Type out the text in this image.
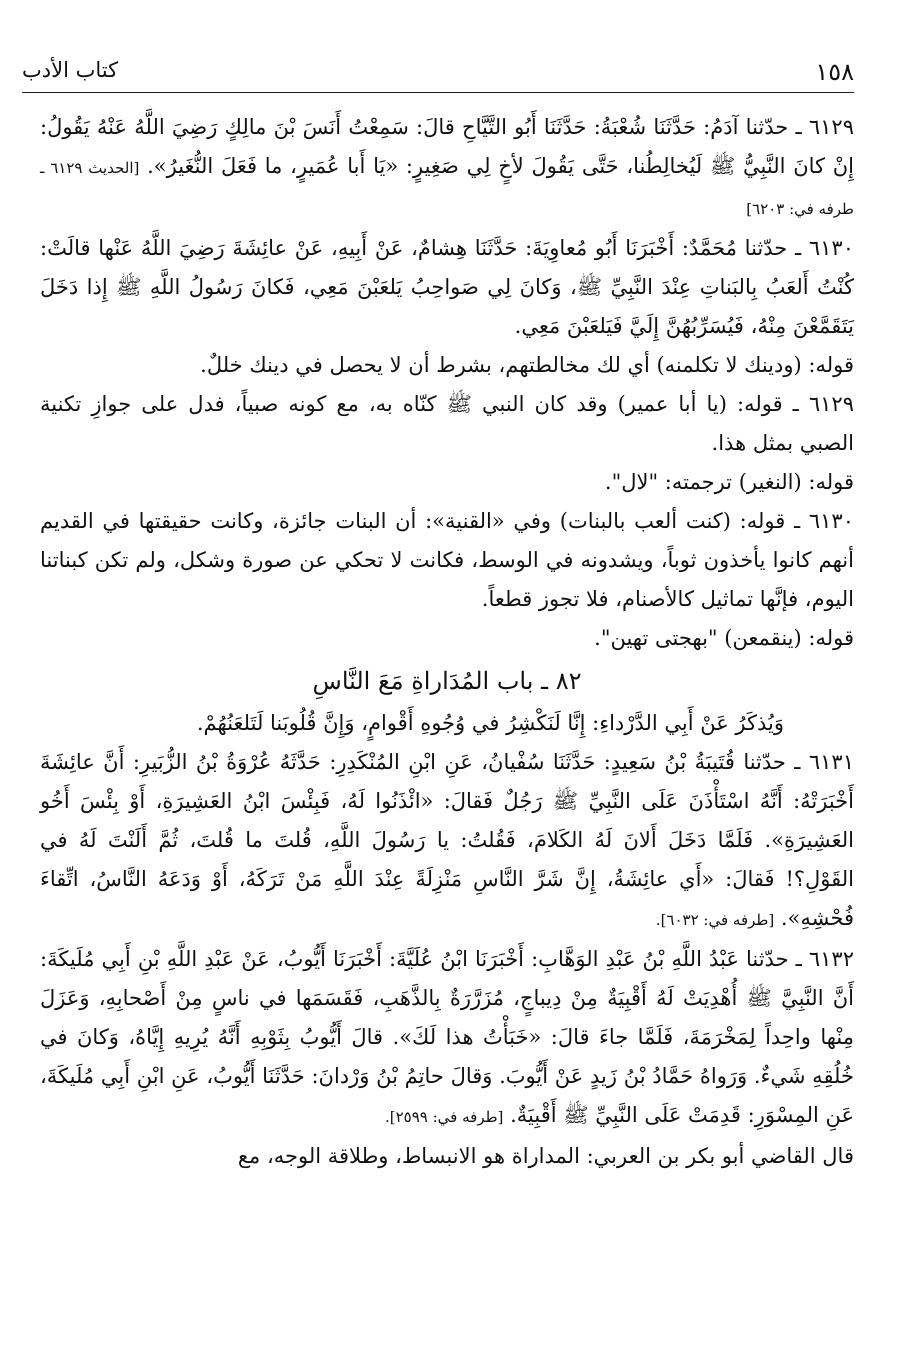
١٥٨
كتاب الأدب

٦١٢٩ ـ حدّثنا آدَمُ: حَدَّثَنَا شُعْبَةُ: حَدَّثَنَا أَبُو التَّيَّاحِ قالَ: سَمِعْتُ أَنَسَ بْنَ مالِكٍ رَضِيَ اللَّهُ عَنْهُ يَقُولُ: إِنْ كانَ النَّبِيُّ ﷺ لَيُخالِطُنا، حَتَّى يَقُولَ لأخٍ لِي صَغِيرٍ: «يَا أَبا عُمَيرٍ، ما فَعَلَ النُّغَيرُ». [الحديث ٦١٢٩ ـ طرفه في: ٦٢٠٣]

٦١٣٠ ـ حدّثنا مُحَمَّدٌ: أَخْبَرَنَا أَبُو مُعاوِيَةَ: حَدَّثَنَا هِشامٌ، عَنْ أَبِيهِ، عَنْ عائِشَةَ رَضِيَ اللَّهُ عَنْها قالَتْ: كُنْتُ أَلعَبُ بِالبَناتِ عِنْدَ النَّبِيِّ ﷺ، وَكانَ لِي صَواحِبُ يَلعَبْنَ مَعِي، فَكانَ رَسُولُ اللَّهِ ﷺ إِذا دَخَلَ يَتَقَمَّعْنَ مِنْهُ، فَيُسَرِّبُهُنَّ إِلَيَّ فَيَلعَبْنَ مَعِي.

قوله: (ودينك لا تكلمنه) أي لك مخالطتهم، بشرط أن لا يحصل في دينك خللٌ.

٦١٢٩ ـ قوله: (يا أبا عمير) وقد كان النبي ﷺ كنّاه به، مع كونه صبياً، فدل على جوازِ تكنية الصبي بمثل هذا.

قوله: (النغير) ترجمته: "لال".

٦١٣٠ ـ قوله: (كنت ألعب بالبنات) وفي «القنية»: أن البنات جائزة، وكانت حقيقتها في القديم أنهم كانوا يأخذون ثوباً، ويشدونه في الوسط، فكانت لا تحكي عن صورة وشكل، ولم تكن كبناتنا اليوم، فإنَّها تماثيل كالأصنام، فلا تجوز قطعاً.

قوله: (ينقمعن) "بهجتى تهين".

٨٢ ـ باب المُدَاراةِ مَعَ النَّاسِ

وَيُذكَرُ عَنْ أَبِي الدَّرْداءِ: إِنَّا لَنَكْشِرُ في وُجُوهِ أَقْوامٍ، وَإِنَّ قُلُوبَنا لَتَلعَنُهُمْ.

٦١٣١ ـ حدّثنا قُتَيبَةُ بْنُ سَعِيدٍ: حَدَّثَنَا سُفْيانُ، عَنِ ابْنِ المُنْكَدِرِ: حَدَّثَهُ عُرْوَةُ بْنُ الزُّبَيرِ: أَنَّ عائِشَةَ أَخْبَرَتْهُ: أَنَّهُ اسْتَأْذَنَ عَلَى النَّبِيِّ ﷺ رَجُلٌ فَقالَ: «ائْذَنُوا لَهُ، فَبِئْسَ ابْنُ العَشِيرَةِ، أَوْ بِئْسَ أَخُو العَشِيرَةِ». فَلَمَّا دَخَلَ أَلانَ لَهُ الكَلامَ، فَقُلتُ: يا رَسُولَ اللَّهِ، قُلتَ ما قُلتَ، ثُمَّ أَلَنْتَ لَهُ في القَوْلِ؟! فَقالَ: «أَي عائِشَةُ، إِنَّ شَرَّ النَّاسِ مَنْزِلَةً عِنْدَ اللَّهِ مَنْ تَرَكَهُ، أَوْ وَدَعَهُ النَّاسُ، اتِّقاءَ فُحْشِهِ». [طرفه في: ٦٠٣٢].

٦١٣٢ ـ حدّثنا عَبْدُ اللَّهِ بْنُ عَبْدِ الوَهَّابِ: أَخْبَرَنَا ابْنُ عُلَيَّةَ: أَخْبَرَنَا أَيُّوبُ، عَنْ عَبْدِ اللَّهِ بْنِ أَبِي مُلَيكَةَ: أَنَّ النَّبِيَّ ﷺ أُهْدِيَتْ لَهُ أَقْبِيَةٌ مِنْ دِيباجٍ، مُزَرَّرَةٌ بِالذَّهَبِ، فَقَسَمَها في ناسٍ مِنْ أَصْحابِهِ، وَعَزَلَ مِنْها واحِداً لِمَخْرَمَةَ، فَلَمَّا جاءَ قالَ: «خَبَأْتُ هذا لَكَ». قالَ أَيُّوبُ بِثَوْبِهِ أَنَّهُ يُرِيهِ إِيَّاهُ، وَكانَ في خُلُقِهِ شَيءٌ. وَرَواهُ حَمَّادُ بْنُ زَيدٍ عَنْ أَيُّوبَ. وَقالَ حاتِمُ بْنُ وَرْدانَ: حَدَّثَنَا أَيُّوبُ، عَنِ ابْنِ أَبِي مُلَيكَةَ، عَنِ المِسْوَرِ: قَدِمَتْ عَلَى النَّبِيِّ ﷺ أَقْبِيَةٌ. [طرفه في: ٢٥٩٩].

قال القاضي أبو بكر بن العربي: المداراة هو الانبساط، وطلاقة الوجه، مع
